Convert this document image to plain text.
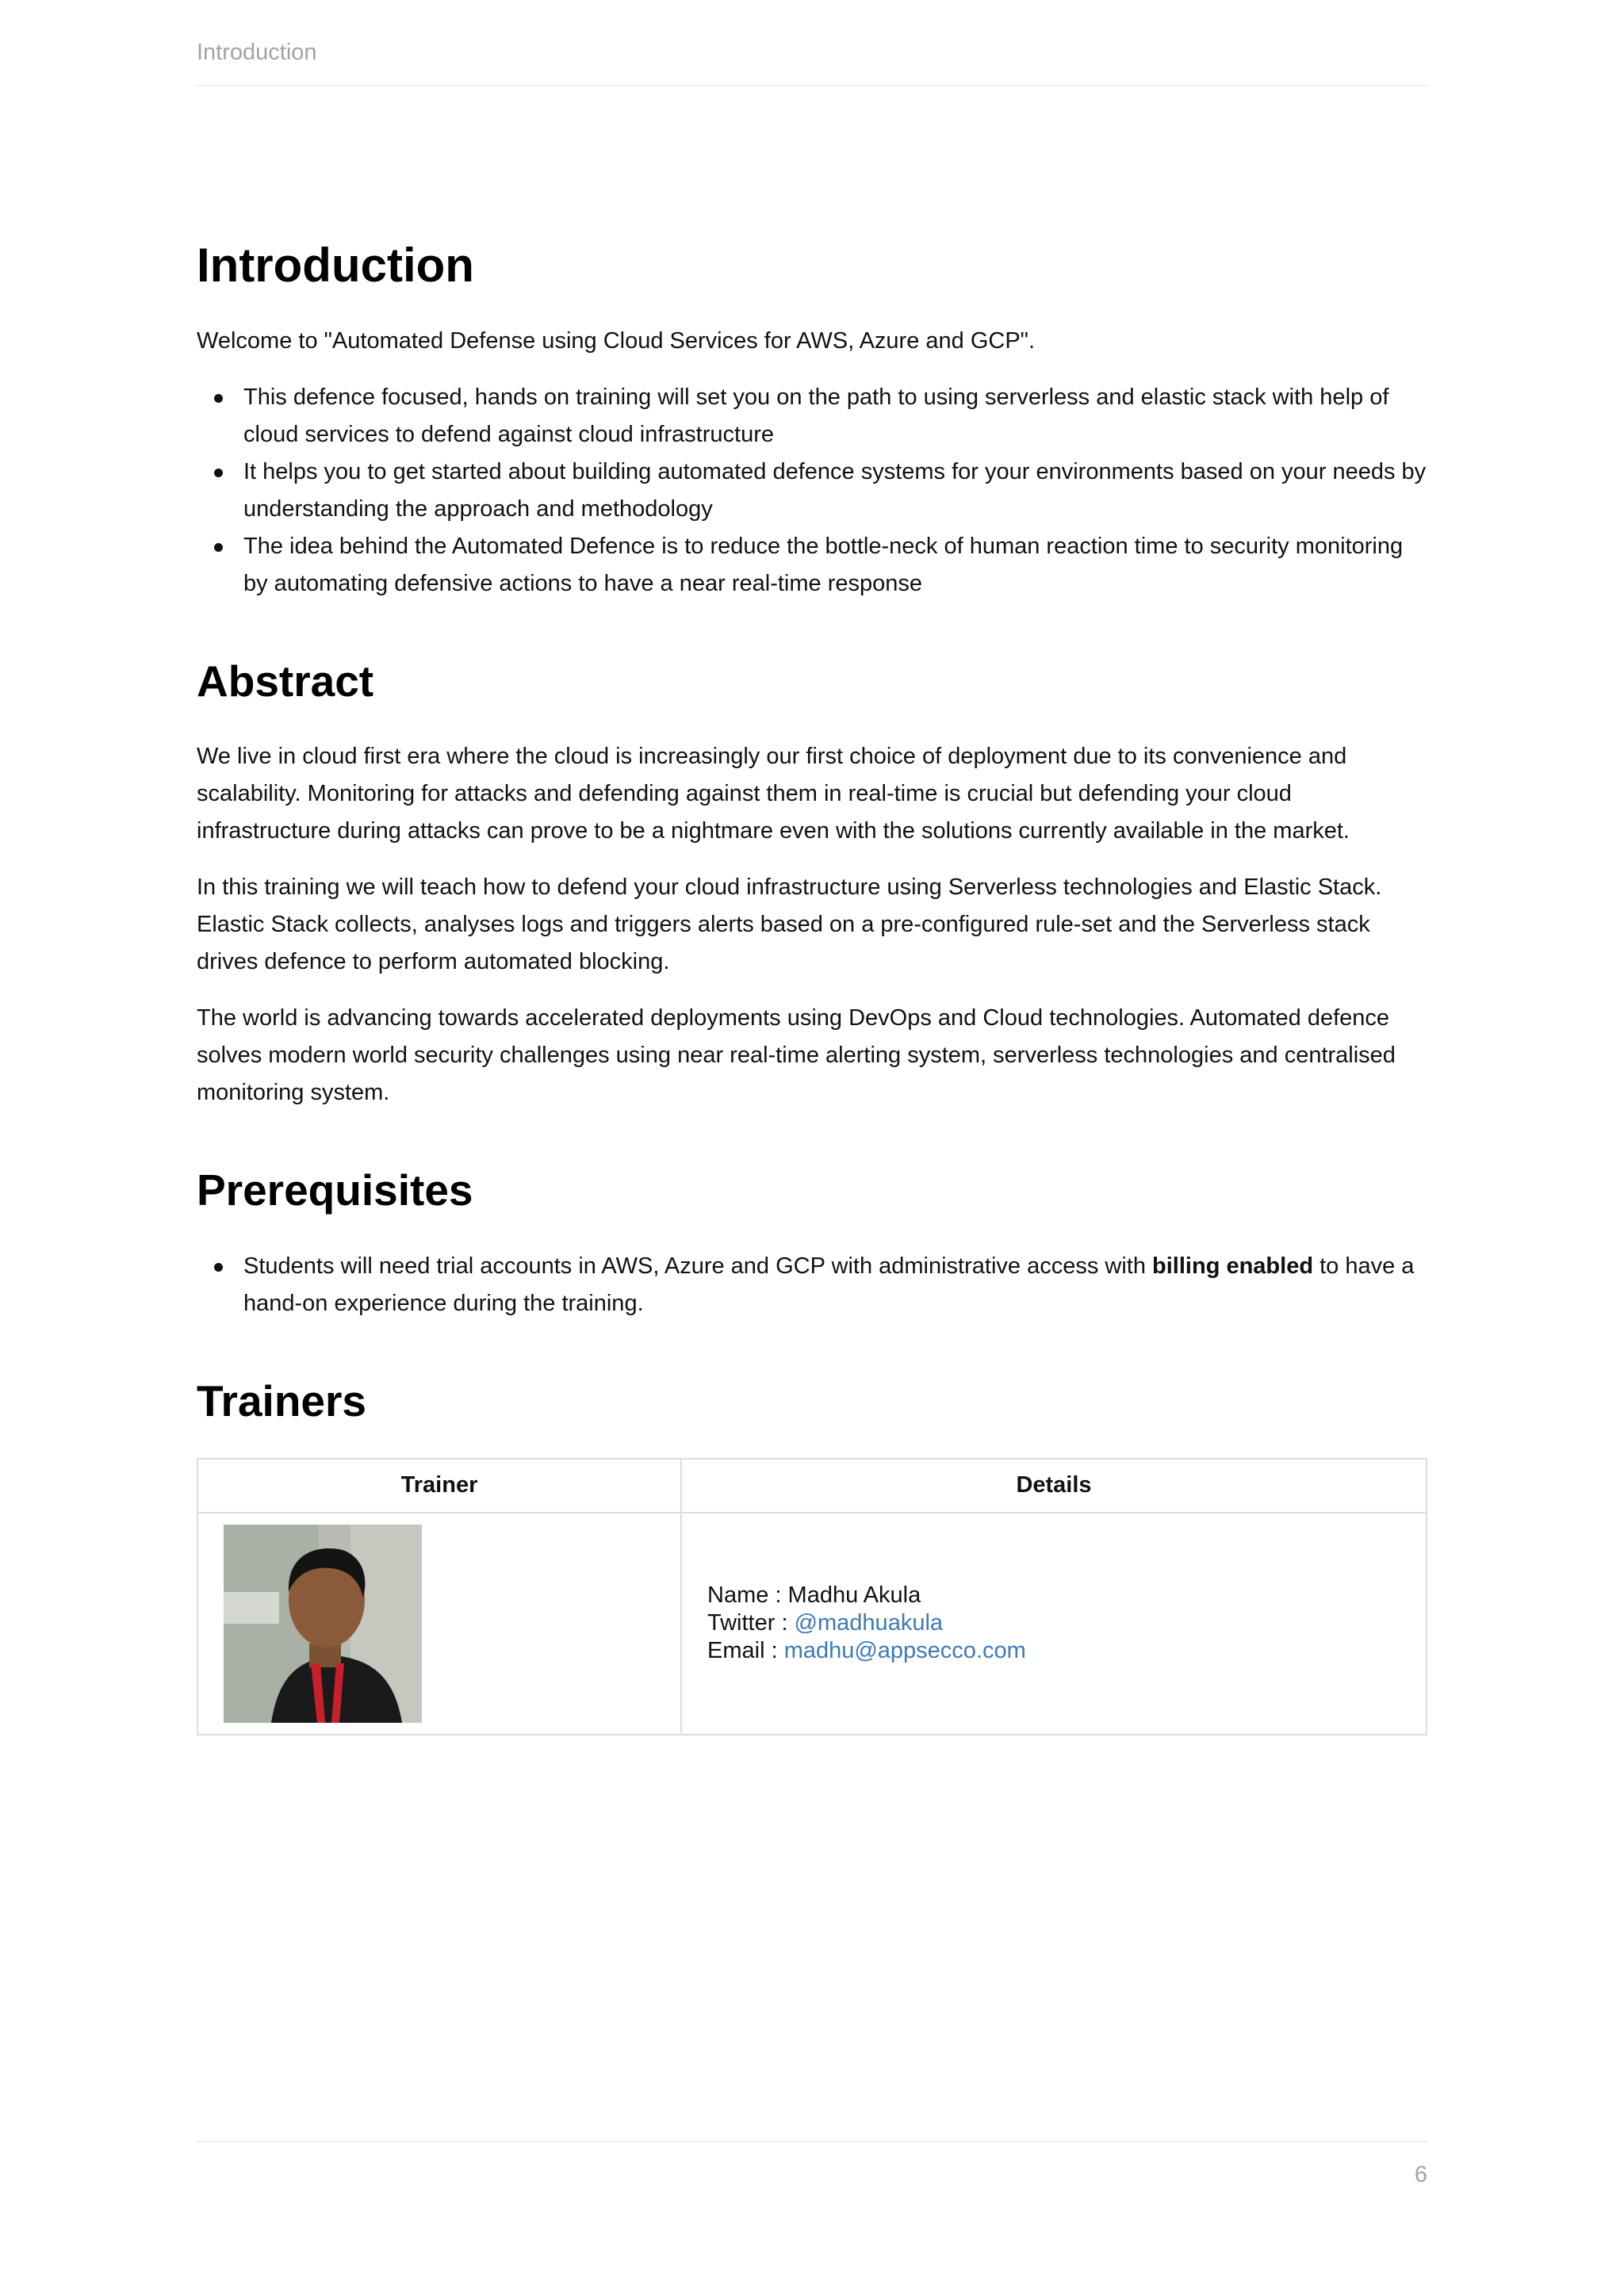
Introduction
Introduction

Welcome to "Automated Defense using Cloud Services for AWS, Azure and GCP".

This defence focused, hands on training will set you on the path to using serverless and elastic stack with help of cloud services to defend against cloud infrastructure
It helps you to get started about building automated defence systems for your environments based on your needs by understanding the approach and methodology
The idea behind the Automated Defence is to reduce the bottle-neck of human reaction time to security monitoring by automating defensive actions to have a near real-time response
Abstract

We live in cloud first era where the cloud is increasingly our first choice of deployment due to its convenience and scalability. Monitoring for attacks and defending against them in real-time is crucial but defending your cloud infrastructure during attacks can prove to be a nightmare even with the solutions currently available in the market.

In this training we will teach how to defend your cloud infrastructure using Serverless technologies and Elastic Stack. Elastic Stack collects, analyses logs and triggers alerts based on a pre-configured rule-set and the Serverless stack drives defence to perform automated blocking.

The world is advancing towards accelerated deployments using DevOps and Cloud technologies. Automated defence solves modern world security challenges using near real-time alerting system, serverless technologies and centralised monitoring system.

Prerequisites
Students will need trial accounts in AWS, Azure and GCP with administrative access with billing enabled to have a hand-on experience during the training.
Trainers
Trainer	Details

Name : Madhu Akula
Twitter : @madhuakula
Email : madhu@appsecco.com
6
